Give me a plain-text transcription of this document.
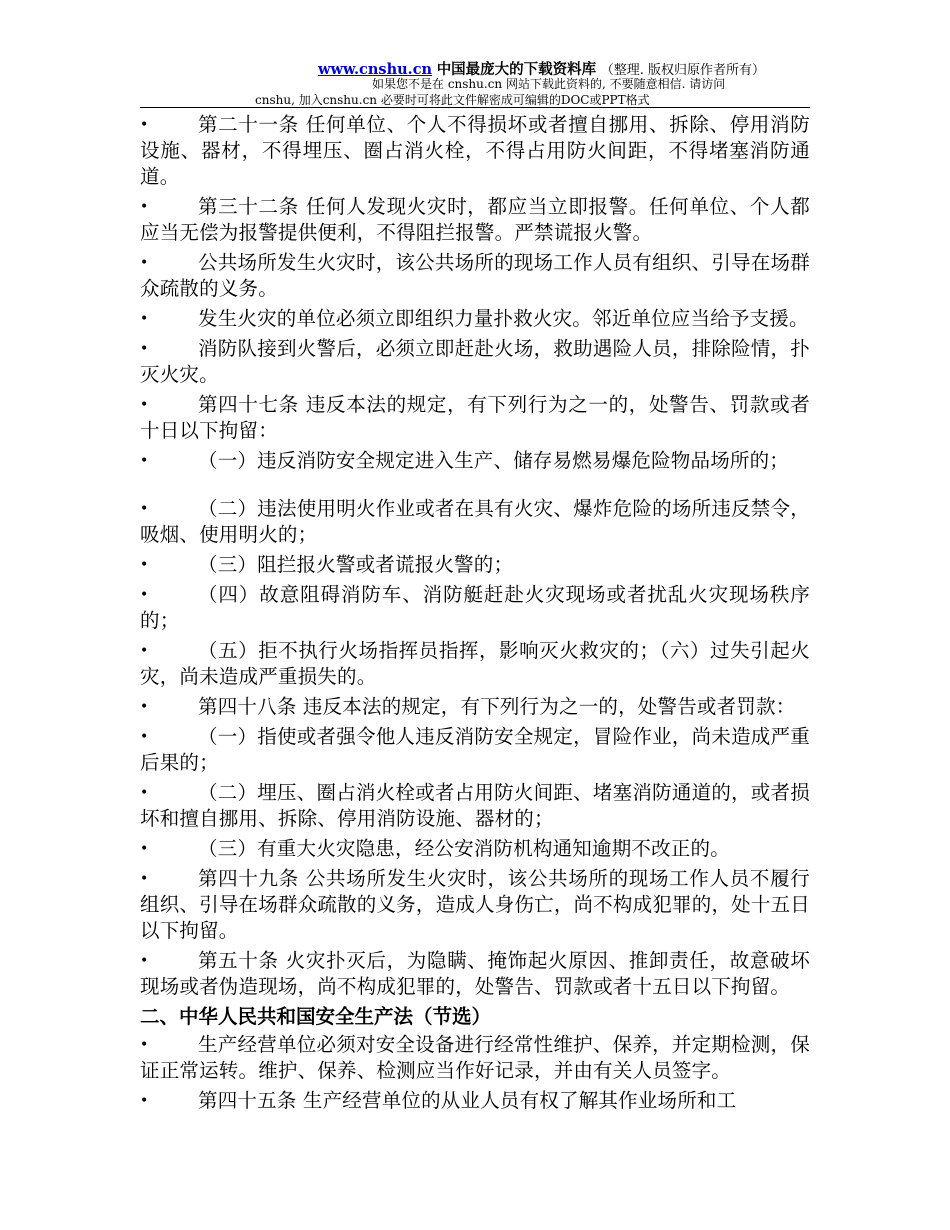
www.cnshu.cn 中国最庞大的下载资料库 （整理. 版权归原作者所有）
如果您不是在 cnshu.cn 网站下载此资料的, 不要随意相信. 请访问
cnshu, 加入cnshu.cn 必要时可将此文件解密成可编辑的DOC或PPT格式

•	第二十一条 任何单位、个人不得损坏或者擅自挪用、拆除、停用消防设施、器材，不得埋压、圈占消火栓，不得占用防火间距，不得堵塞消防通道。

•	第三十二条 任何人发现火灾时，都应当立即报警。任何单位、个人都应当无偿为报警提供便利，不得阻拦报警。严禁谎报火警。

•	公共场所发生火灾时，该公共场所的现场工作人员有组织、引导在场群众疏散的义务。

•	发生火灾的单位必须立即组织力量扑救火灾。邻近单位应当给予支援。

•	消防队接到火警后，必须立即赶赴火场，救助遇险人员，排除险情，扑灭火灾。

•	第四十七条 违反本法的规定，有下列行为之一的，处警告、罚款或者十日以下拘留：

•	（一）违反消防安全规定进入生产、储存易燃易爆危险物品场所的；

•	（二）违法使用明火作业或者在具有火灾、爆炸危险的场所违反禁令，吸烟、使用明火的；

•	（三）阻拦报火警或者谎报火警的；

•	（四）故意阻碍消防车、消防艇赶赴火灾现场或者扰乱火灾现场秩序的；

•	（五）拒不执行火场指挥员指挥，影响灭火救灾的；（六）过失引起火灾，尚未造成严重损失的。

•	第四十八条 违反本法的规定，有下列行为之一的，处警告或者罚款：

•	（一）指使或者强令他人违反消防安全规定，冒险作业，尚未造成严重后果的；

•	（二）埋压、圈占消火栓或者占用防火间距、堵塞消防通道的，或者损坏和擅自挪用、拆除、停用消防设施、器材的；

•	（三）有重大火灾隐患，经公安消防机构通知逾期不改正的。

•	第四十九条 公共场所发生火灾时，该公共场所的现场工作人员不履行组织、引导在场群众疏散的义务，造成人身伤亡，尚不构成犯罪的，处十五日以下拘留。

•	第五十条 火灾扑灭后，为隐瞒、掩饰起火原因、推卸责任，故意破坏现场或者伪造现场，尚不构成犯罪的，处警告、罚款或者十五日以下拘留。

二、中华人民共和国安全生产法（节选）

•	生产经营单位必须对安全设备进行经常性维护、保养，并定期检测，保证正常运转。维护、保养、检测应当作好记录，并由有关人员签字。

•	第四十五条 生产经营单位的从业人员有权了解其作业场所和工
